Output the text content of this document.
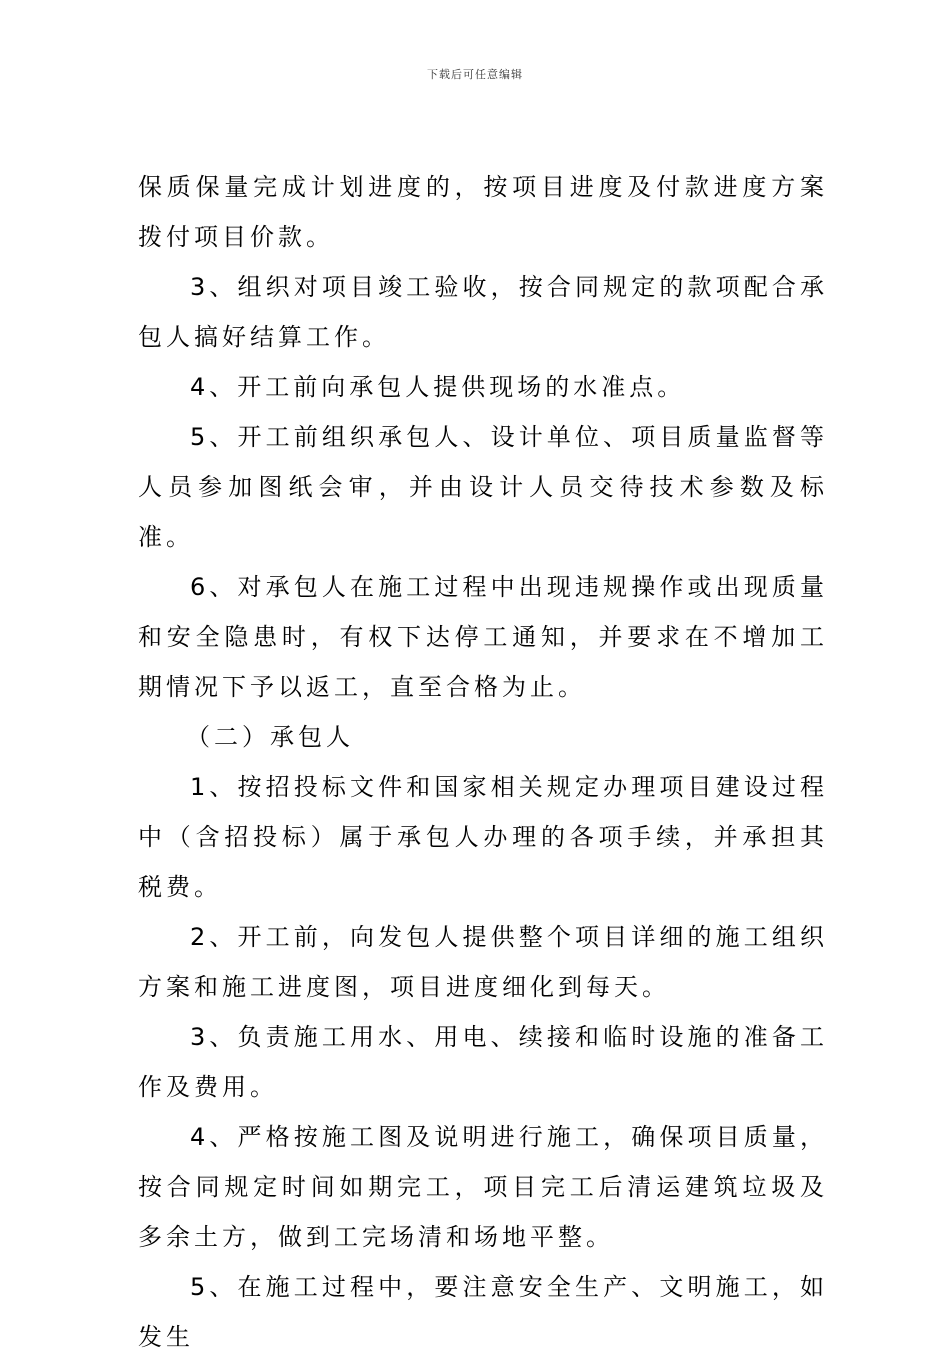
下载后可任意编辑

保质保量完成计划进度的，按项目进度及付款进度方案拨付项目价款。

3、组织对项目竣工验收，按合同规定的款项配合承包人搞好结算工作。

4、开工前向承包人提供现场的水准点。

5、开工前组织承包人、设计单位、项目质量监督等人员参加图纸会审，并由设计人员交待技术参数及标准。

6、对承包人在施工过程中出现违规操作或出现质量和安全隐患时，有权下达停工通知，并要求在不增加工期情况下予以返工，直至合格为止。

（二）承包人

1、按招投标文件和国家相关规定办理项目建设过程中（含招投标）属于承包人办理的各项手续，并承担其税费。

2、开工前，向发包人提供整个项目详细的施工组织方案和施工进度图，项目进度细化到每天。

3、负责施工用水、用电、续接和临时设施的准备工作及费用。

4、严格按施工图及说明进行施工，确保项目质量，按合同规定时间如期完工，项目完工后清运建筑垃圾及多余土方，做到工完场清和场地平整。

5、在施工过程中，要注意安全生产、文明施工，如发生
